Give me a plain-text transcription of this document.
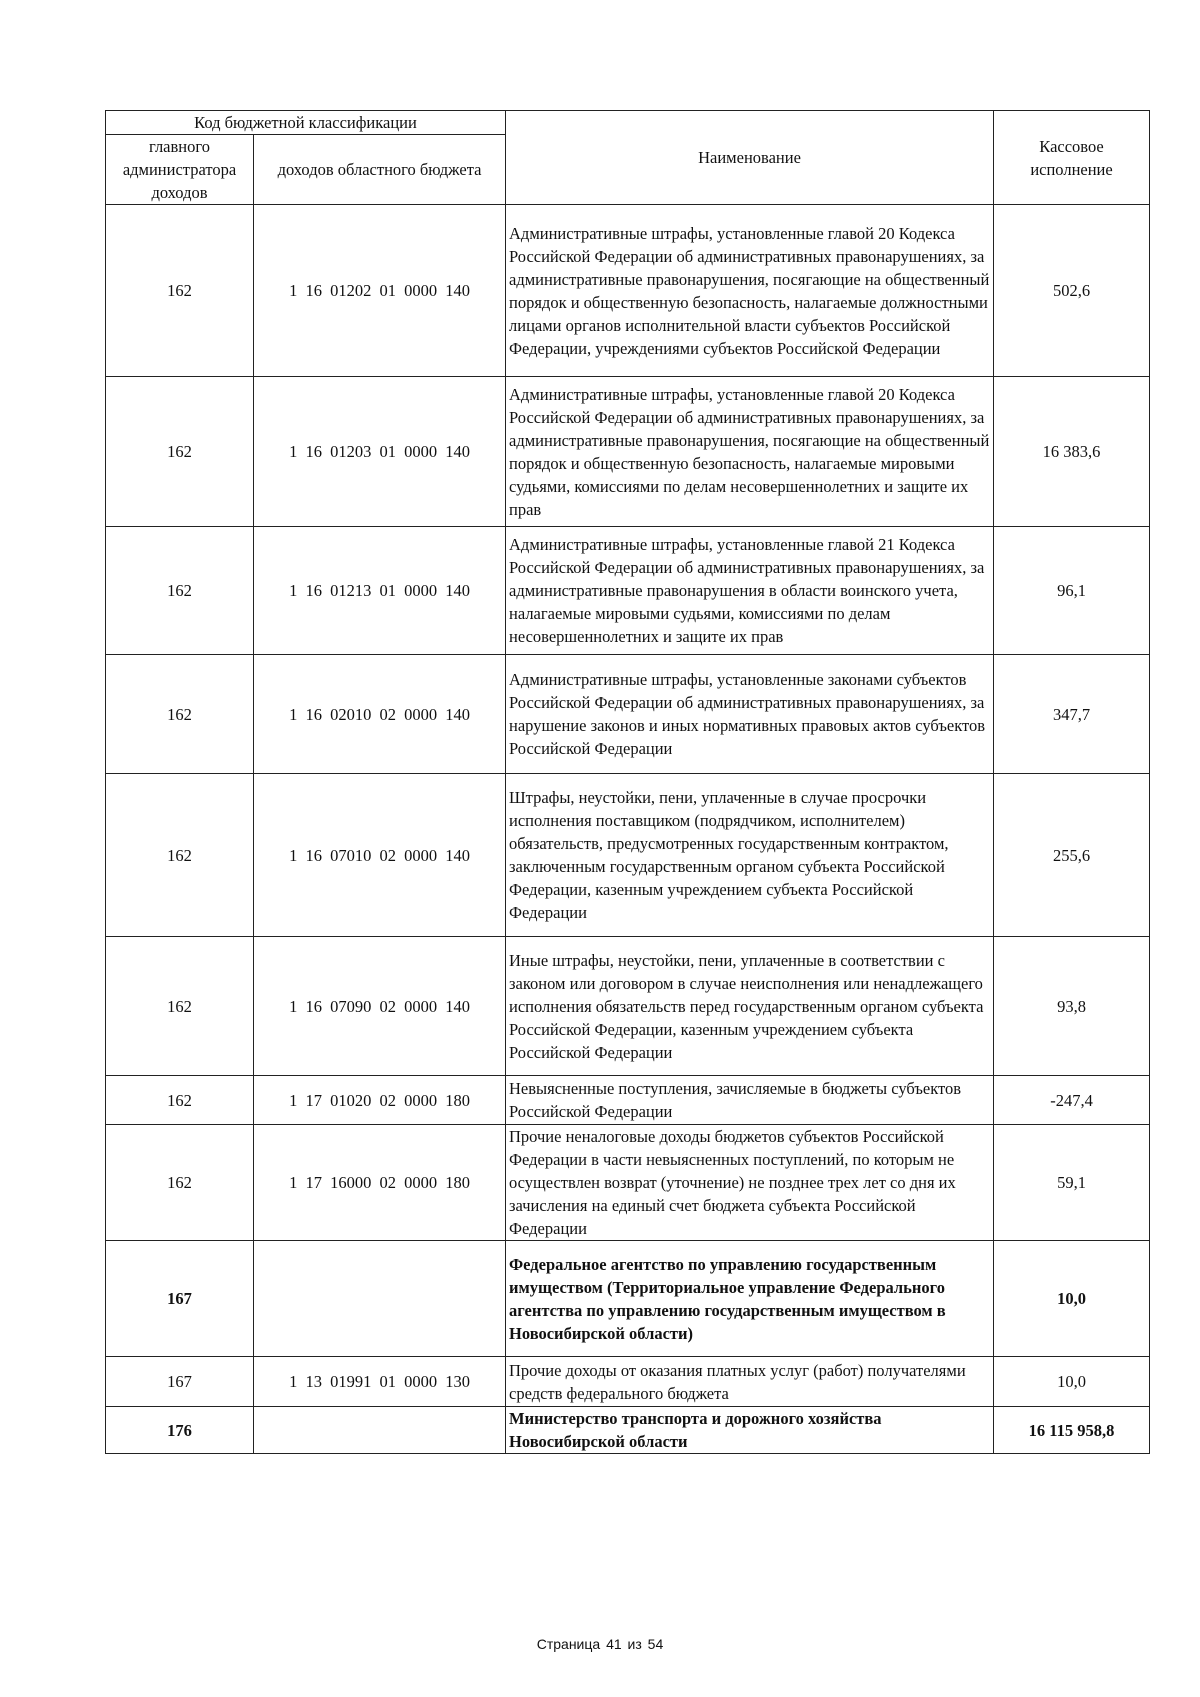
Код бюджетной классификации		Наименование	Кассовое исполнение
главного администратора доходов	доходов областного бюджета		
162	1 16 01202 01 0000 140	Административные штрафы, установленные главой 20 Кодекса Российской Федерации об административных правонарушениях, за административные правонарушения, посягающие на общественный порядок и общественную безопасность, налагаемые должностными лицами органов исполнительной власти субъектов Российской Федерации, учреждениями субъектов Российской Федерации	502,6
162	1 16 01203 01 0000 140	Административные штрафы, установленные главой 20 Кодекса Российской Федерации об административных правонарушениях, за административные правонарушения, посягающие на общественный порядок и общественную безопасность, налагаемые мировыми судьями, комиссиями по делам несовершеннолетних и защите их прав	16 383,6
162	1 16 01213 01 0000 140	Административные штрафы, установленные главой 21 Кодекса Российской Федерации об административных правонарушениях, за административные правонарушения в области воинского учета, налагаемые мировыми судьями, комиссиями по делам несовершеннолетних и защите их прав	96,1
162	1 16 02010 02 0000 140	Административные штрафы, установленные законами субъектов Российской Федерации об административных правонарушениях, за нарушение законов и иных нормативных правовых актов субъектов Российской Федерации	347,7
162	1 16 07010 02 0000 140	Штрафы, неустойки, пени, уплаченные в случае просрочки исполнения поставщиком (подрядчиком, исполнителем) обязательств, предусмотренных государственным контрактом, заключенным государственным органом субъекта Российской Федерации, казенным учреждением субъекта Российской Федерации	255,6
162	1 16 07090 02 0000 140	Иные штрафы, неустойки, пени, уплаченные в соответствии с законом или договором в случае неисполнения или ненадлежащего исполнения обязательств перед государственным органом субъекта Российской Федерации, казенным учреждением субъекта Российской Федерации	93,8
162	1 17 01020 02 0000 180	Невыясненные поступления, зачисляемые в бюджеты субъектов Российской Федерации	-247,4
162	1 17 16000 02 0000 180	Прочие неналоговые доходы бюджетов субъектов Российской Федерации в части невыясненных поступлений, по которым не осуществлен возврат (уточнение) не позднее трех лет со дня их зачисления на единый счет бюджета субъекта Российской Федерации	59,1
167		Федеральное агентство по управлению государственным имуществом (Территориальное управление Федерального агентства по управлению государственным имуществом в Новосибирской области)	10,0
167	1 13 01991 01 0000 130	Прочие доходы от оказания платных услуг (работ) получателями средств федерального бюджета	10,0
176		Министерство транспорта и дорожного хозяйства Новосибирской области	16 115 958,8
Страница 41 из 54
